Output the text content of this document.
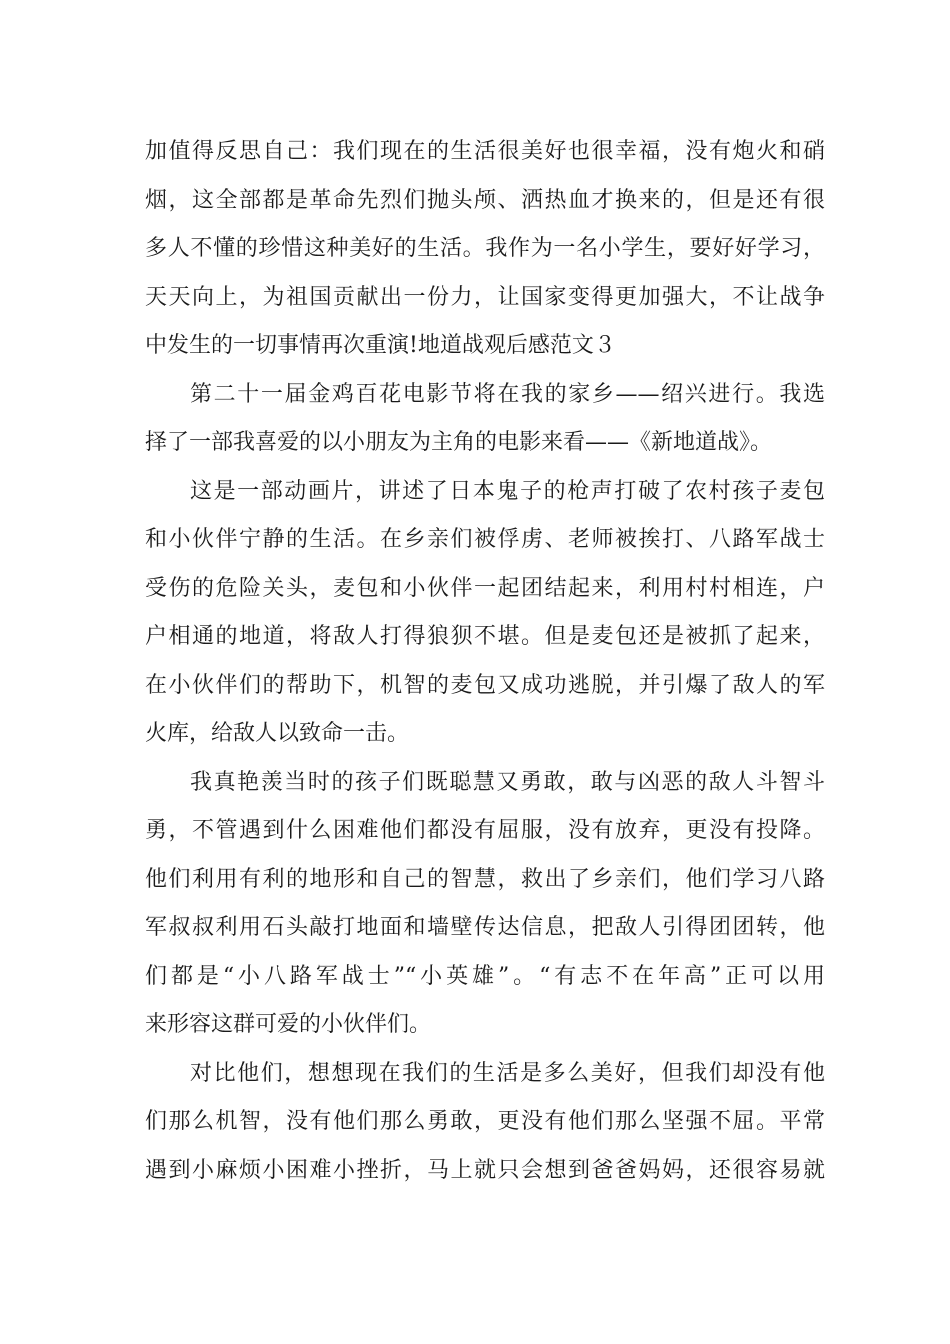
加值得反思自己：我们现在的生活很美好也很幸福，没有炮火和硝
烟，这全部都是革命先烈们抛头颅、洒热血才换来的，但是还有很
多人不懂的珍惜这种美好的生活。我作为一名小学生，要好好学习，
天天向上，为祖国贡献出一份力，让国家变得更加强大，不让战争
中发生的一切事情再次重演!地道战观后感范文３
第二十一届金鸡百花电影节将在我的家乡——绍兴进行。我选
择了一部我喜爱的以小朋友为主角的电影来看——《新地道战》。
这是一部动画片，讲述了日本鬼子的枪声打破了农村孩子麦包
和小伙伴宁静的生活。在乡亲们被俘虏、老师被挨打、八路军战士
受伤的危险关头，麦包和小伙伴一起团结起来，利用村村相连，户
户相通的地道，将敌人打得狼狈不堪。但是麦包还是被抓了起来，
在小伙伴们的帮助下，机智的麦包又成功逃脱，并引爆了敌人的军
火库，给敌人以致命一击。
我真艳羡当时的孩子们既聪慧又勇敢，敢与凶恶的敌人斗智斗
勇，不管遇到什么困难他们都没有屈服，没有放弃，更没有投降。
他们利用有利的地形和自己的智慧，救出了乡亲们，他们学习八路
军叔叔利用石头敲打地面和墙壁传达信息，把敌人引得团团转，他
们都是“小八路军战士”“小英雄”。“有志不在年高”正可以用
来形容这群可爱的小伙伴们。
对比他们，想想现在我们的生活是多么美好，但我们却没有他
们那么机智，没有他们那么勇敢，更没有他们那么坚强不屈。平常
遇到小麻烦小困难小挫折，马上就只会想到爸爸妈妈，还很容易就
